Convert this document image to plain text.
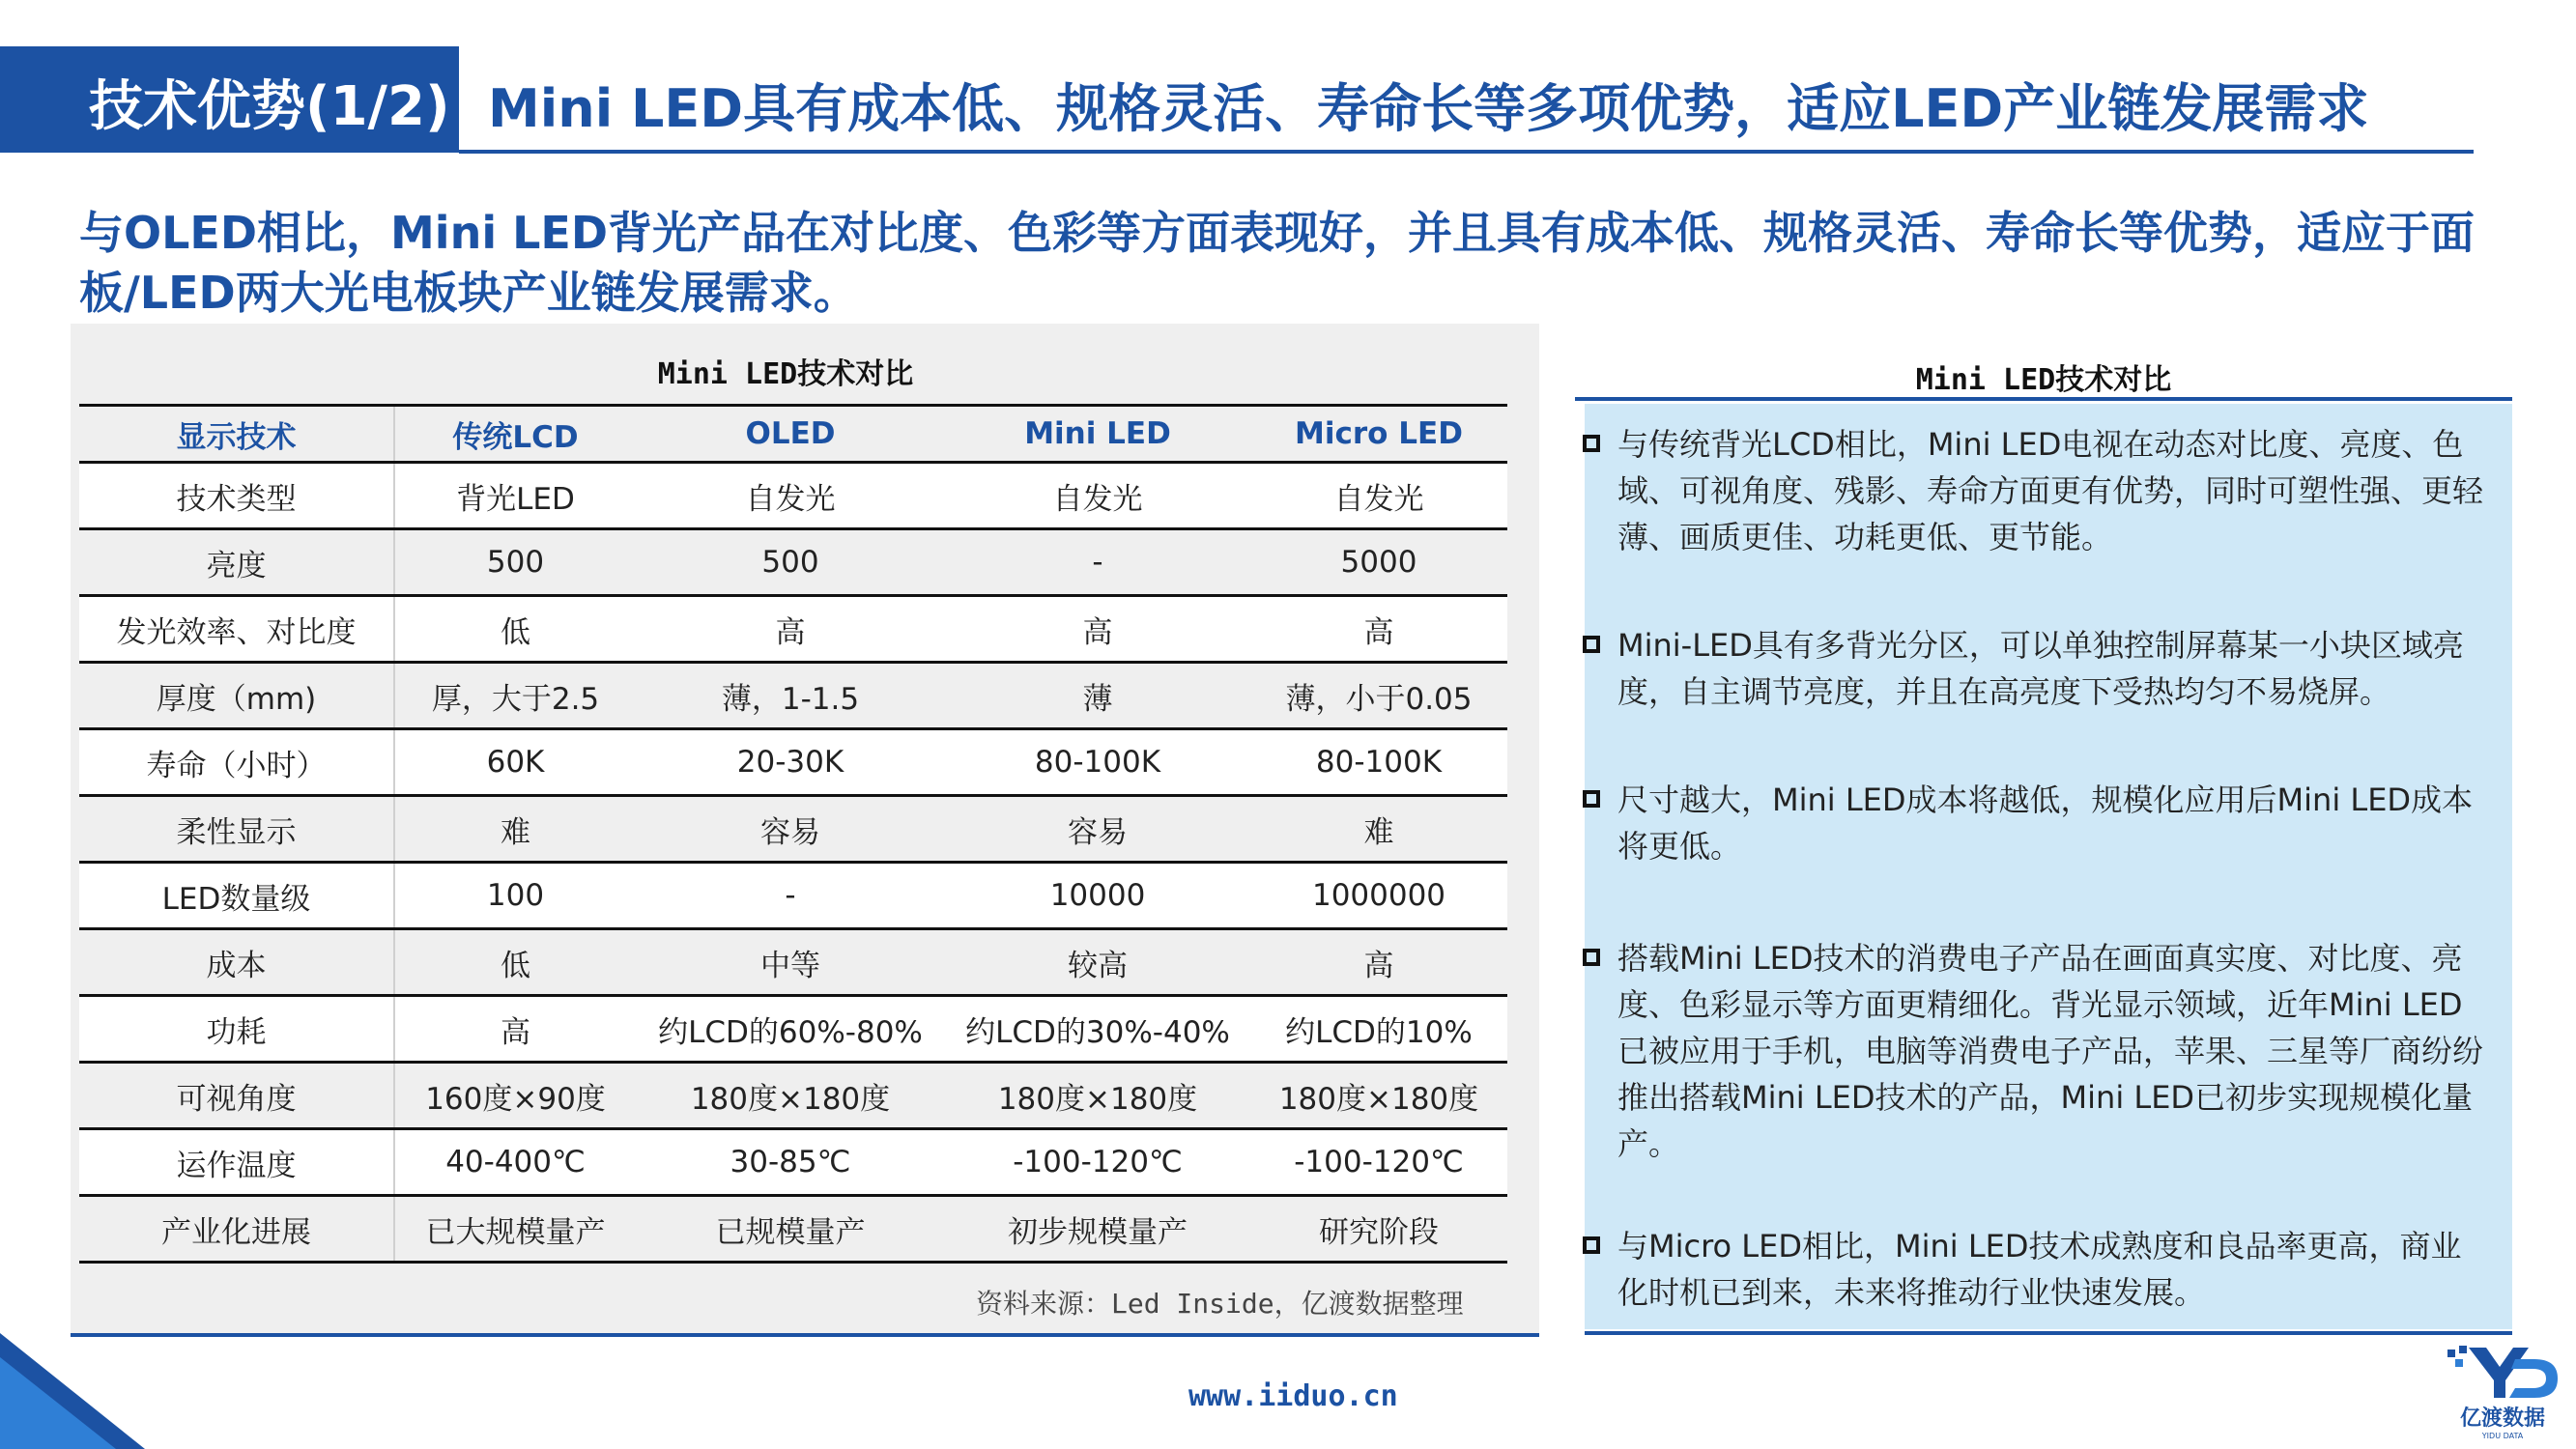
技术优势(1/2) Mini LED具有成本低、规格灵活、寿命长等多项优势，适应LED产业链发展需求
与OLED相比，Mini LED背光产品在对比度、色彩等方面表现好，并且具有成本低、规格灵活、寿命长等优势，适应于面板/LED两大光电板块产业链发展需求。
Mini LED技术对比
显示技术	传统LCD	OLED	Mini LED	Micro LED
技术类型	背光LED	自发光	自发光	自发光
亮度	500	500	-	5000
发光效率、对比度	低	高	高	高
厚度（mm)	厚，大于2.5	薄，1-1.5	薄	薄，小于0.05
寿命（小时）	60K	20-30K	80-100K	80-100K
柔性显示	难	容易	容易	难
LED数量级	100	-	10000	1000000
成本	低	中等	较高	高
功耗	高	约LCD的60%-80%	约LCD的30%-40%	约LCD的10%
可视角度	160度×90度	180度×180度	180度×180度	180度×180度
运作温度	40-400℃	30-85℃	-100-120℃	-100-120℃
产业化进展	已大规模量产	已规模量产	初步规模量产	研究阶段
资料来源：Led Inside，亿渡数据整理
Mini LED技术对比
与传统背光LCD相比，Mini LED电视在动态对比度、亮度、色域、可视角度、残影、寿命方面更有优势，同时可塑性强、更轻薄、画质更佳、功耗更低、更节能。
Mini-LED具有多背光分区，可以单独控制屏幕某一小块区域亮度，自主调节亮度，并且在高亮度下受热均匀不易烧屏。
尺寸越大，Mini LED成本将越低，规模化应用后Mini LED成本将更低。
搭载Mini LED技术的消费电子产品在画面真实度、对比度、亮度、色彩显示等方面更精细化。背光显示领域，近年Mini LED已被应用于手机，电脑等消费电子产品，苹果、三星等厂商纷纷推出搭载Mini LED技术的产品，Mini LED已初步实现规模化量产。
与Micro LED相比，Mini LED技术成熟度和良品率更高，商业化时机已到来，未来将推动行业快速发展。
www.iiduo.cn
亿渡数据
YIDU DATA
